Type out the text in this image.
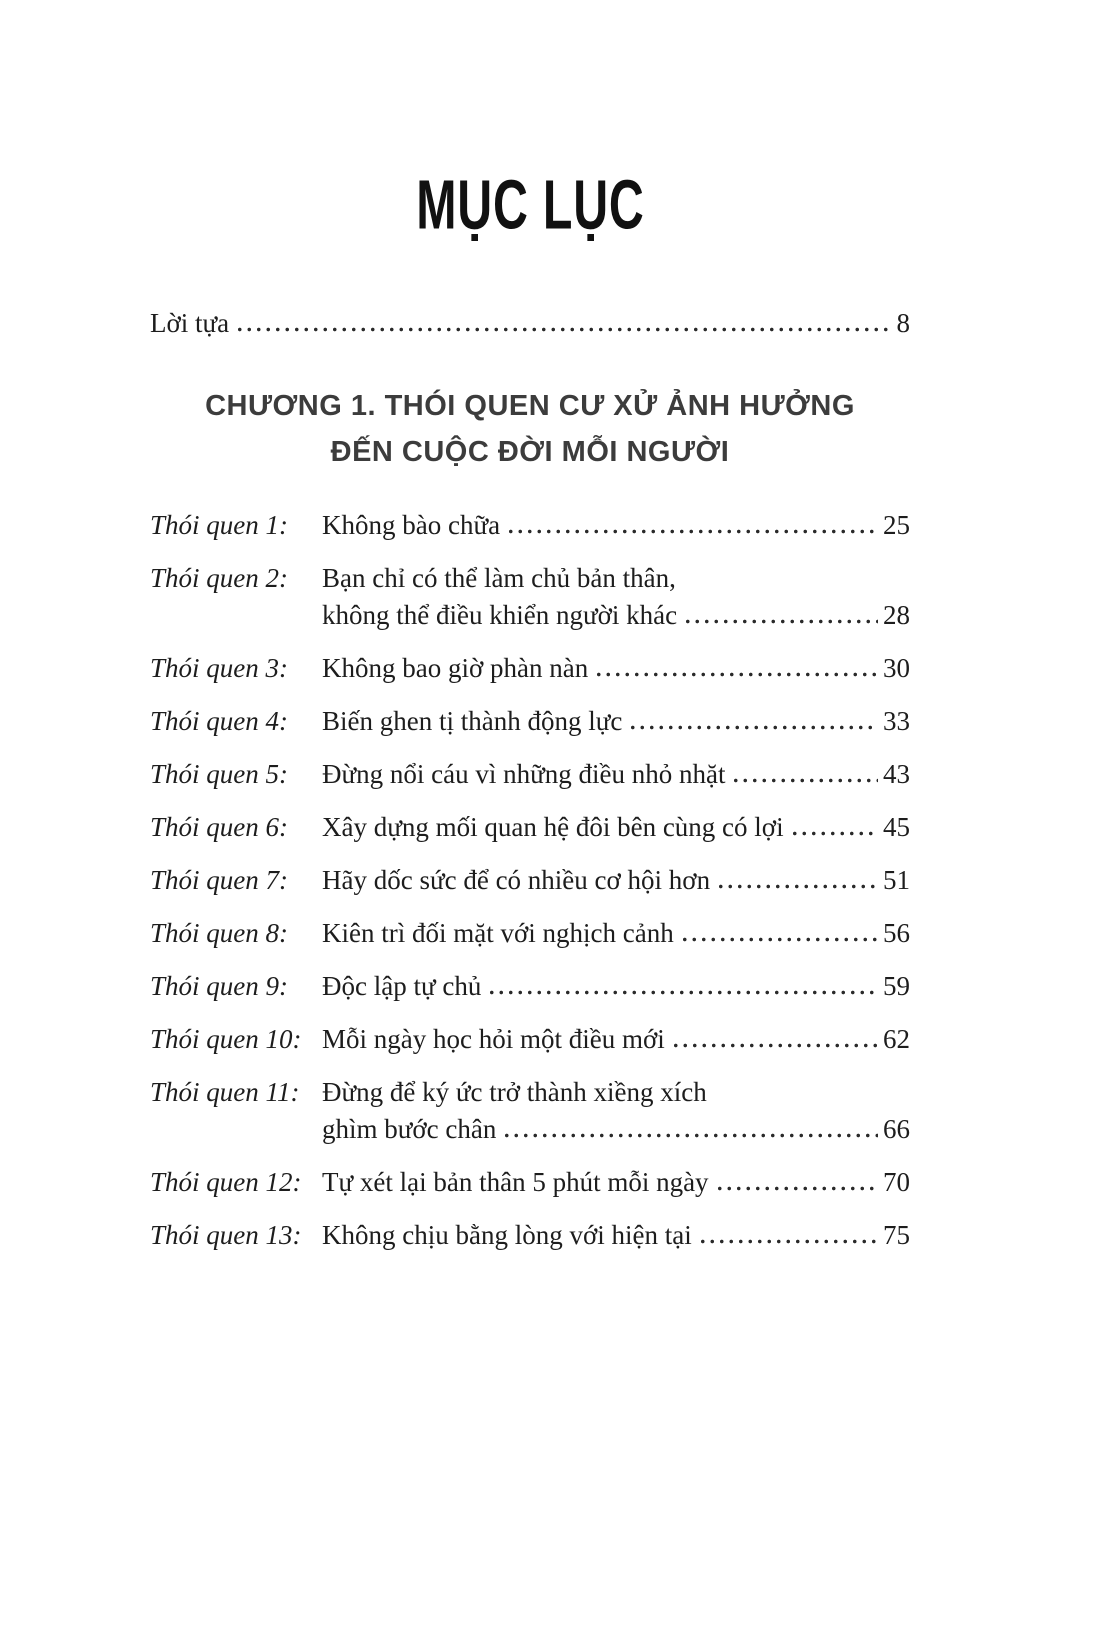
MỤC LỤC
Lời tựa	8
CHƯƠNG 1. THÓI QUEN CƯ XỬ ẢNH HƯỞNG
ĐẾN CUỘC ĐỜI MỖI NGƯỜI
Thói quen 1:	Không bào chữa	25
Thói quen 2:	Bạn chỉ có thể làm chủ bản thân,
không thể điều khiển người khác	28
Thói quen 3:	Không bao giờ phàn nàn	30
Thói quen 4:	Biến ghen tị thành động lực	33
Thói quen 5:	Đừng nổi cáu vì những điều nhỏ nhặt	43
Thói quen 6:	Xây dựng mối quan hệ đôi bên cùng có lợi	45
Thói quen 7:	Hãy dốc sức để có nhiều cơ hội hơn	51
Thói quen 8:	Kiên trì đối mặt với nghịch cảnh	56
Thói quen 9:	Độc lập tự chủ	59
Thói quen 10: Mỗi ngày học hỏi một điều mới	62
Thói quen 11: Đừng để ký ức trở thành xiềng xích
ghìm bước chân	66
Thói quen 12: Tự xét lại bản thân 5 phút mỗi ngày	70
Thói quen 13: Không chịu bằng lòng với hiện tại	75
